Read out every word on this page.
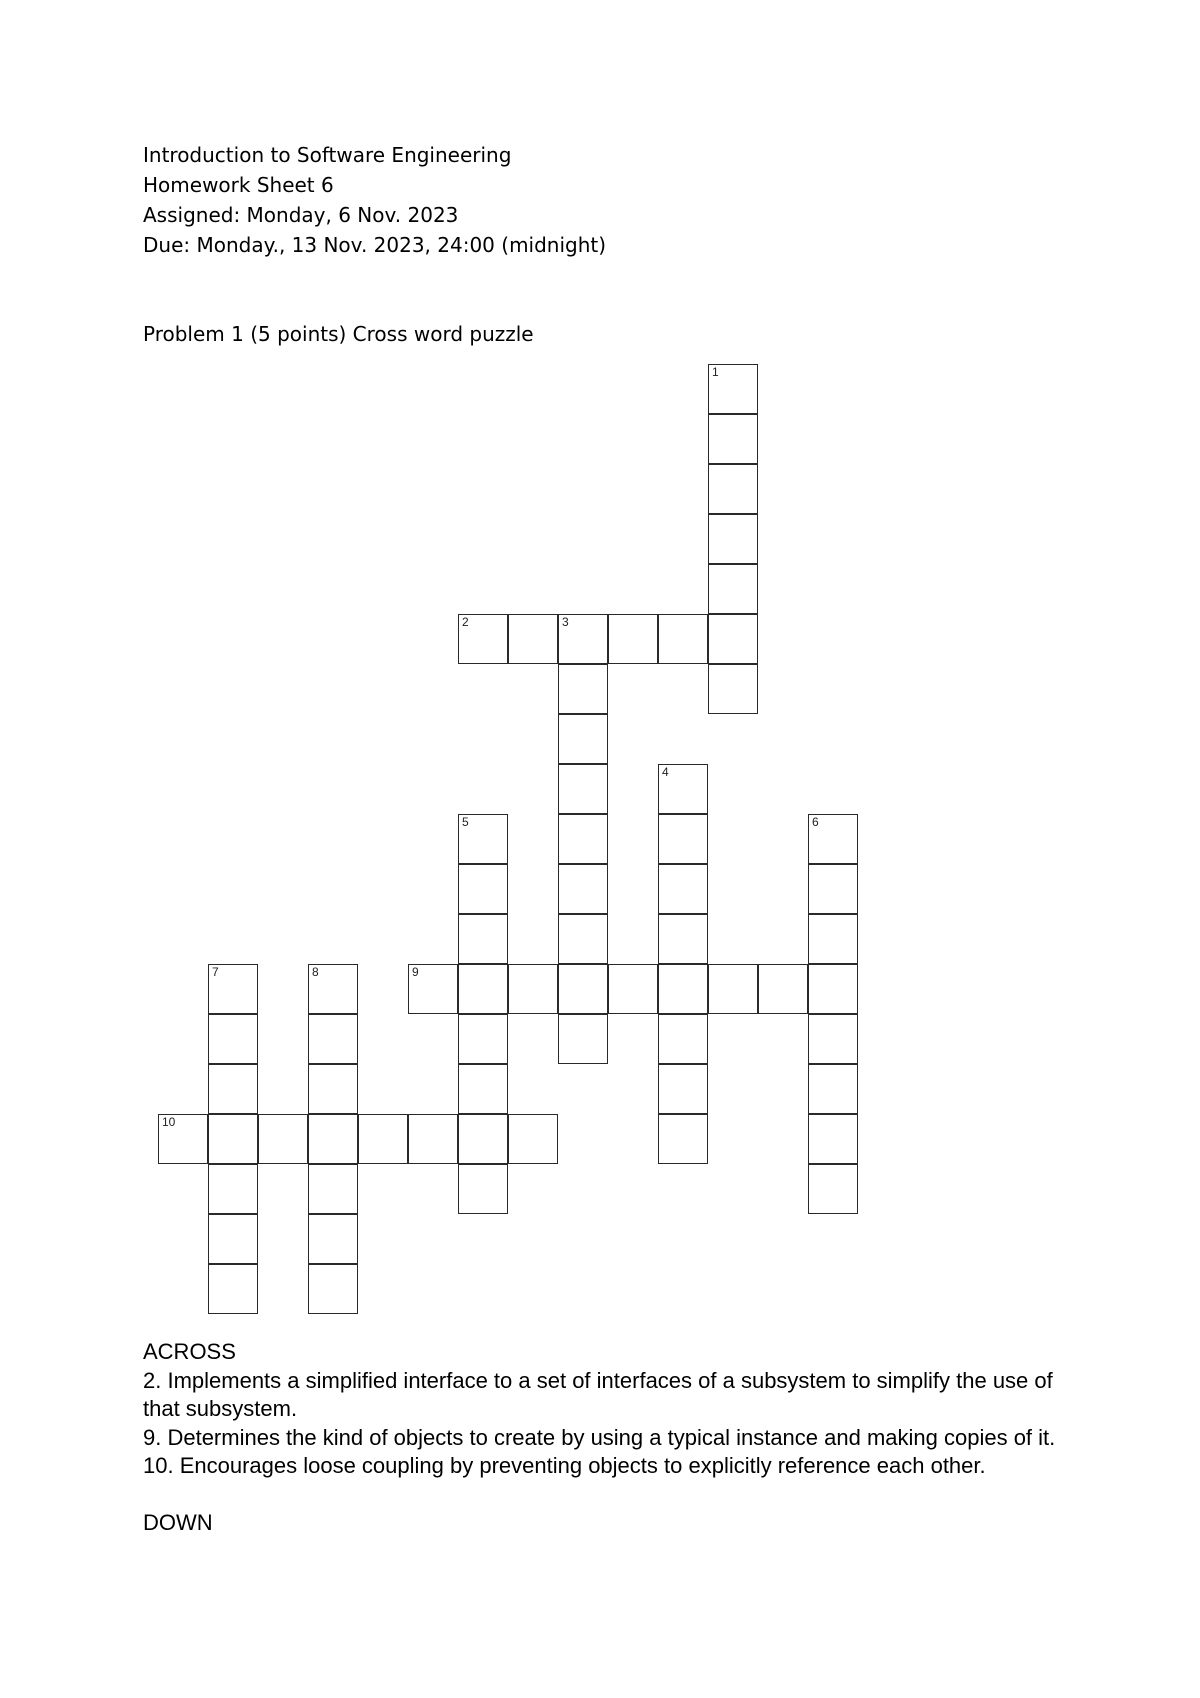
Introduction to Software Engineering
Homework Sheet 6
Assigned: Monday, 6 Nov. 2023
Due: Monday., 13 Nov. 2023, 24:00 (midnight)
Problem 1 (5 points) Cross word puzzle
1
2	3
4
5	6
7	8	9
10

ACROSS

2. Implements a simplified interface to a set of interfaces of a subsystem to simplify the use of that subsystem.

9. Determines the kind of objects to create by using a typical instance and making copies of it.

10. Encourages loose coupling by preventing objects to explicitly reference each other.

DOWN
